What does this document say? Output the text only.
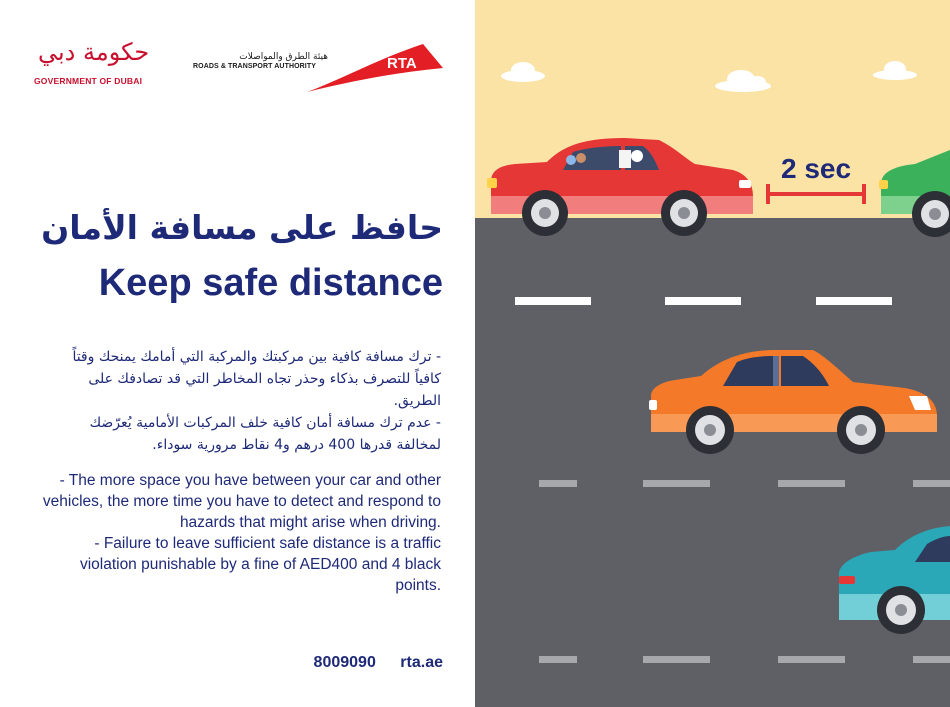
حكومة دبي
GOVERNMENT OF DUBAI
هيئة الطرق والمواصلات
ROADS & TRANSPORT AUTHORITY	RTA
حافظ على مسافة الأمان
Keep safe distance

- ترك مسافة كافية بين مركبتك والمركبة التي أمامك يمنحك وقتاً كافياً للتصرف بذكاء وحذر تجاه المخاطر التي قد تصادفك على الطريق.

- عدم ترك مسافة أمان كافية خلف المركبات الأمامية يُعرّضك لمخالفة قدرها 400 درهم و4 نقاط مرورية سوداء.

- The more space you have between your car and other vehicles, the more time you have to detect and respond to hazards that might arise when driving.

- Failure to leave sufficient safe distance is a traffic violation punishable by a fine of AED400 and 4 black points.

8009090 rta.ae
2 sec
